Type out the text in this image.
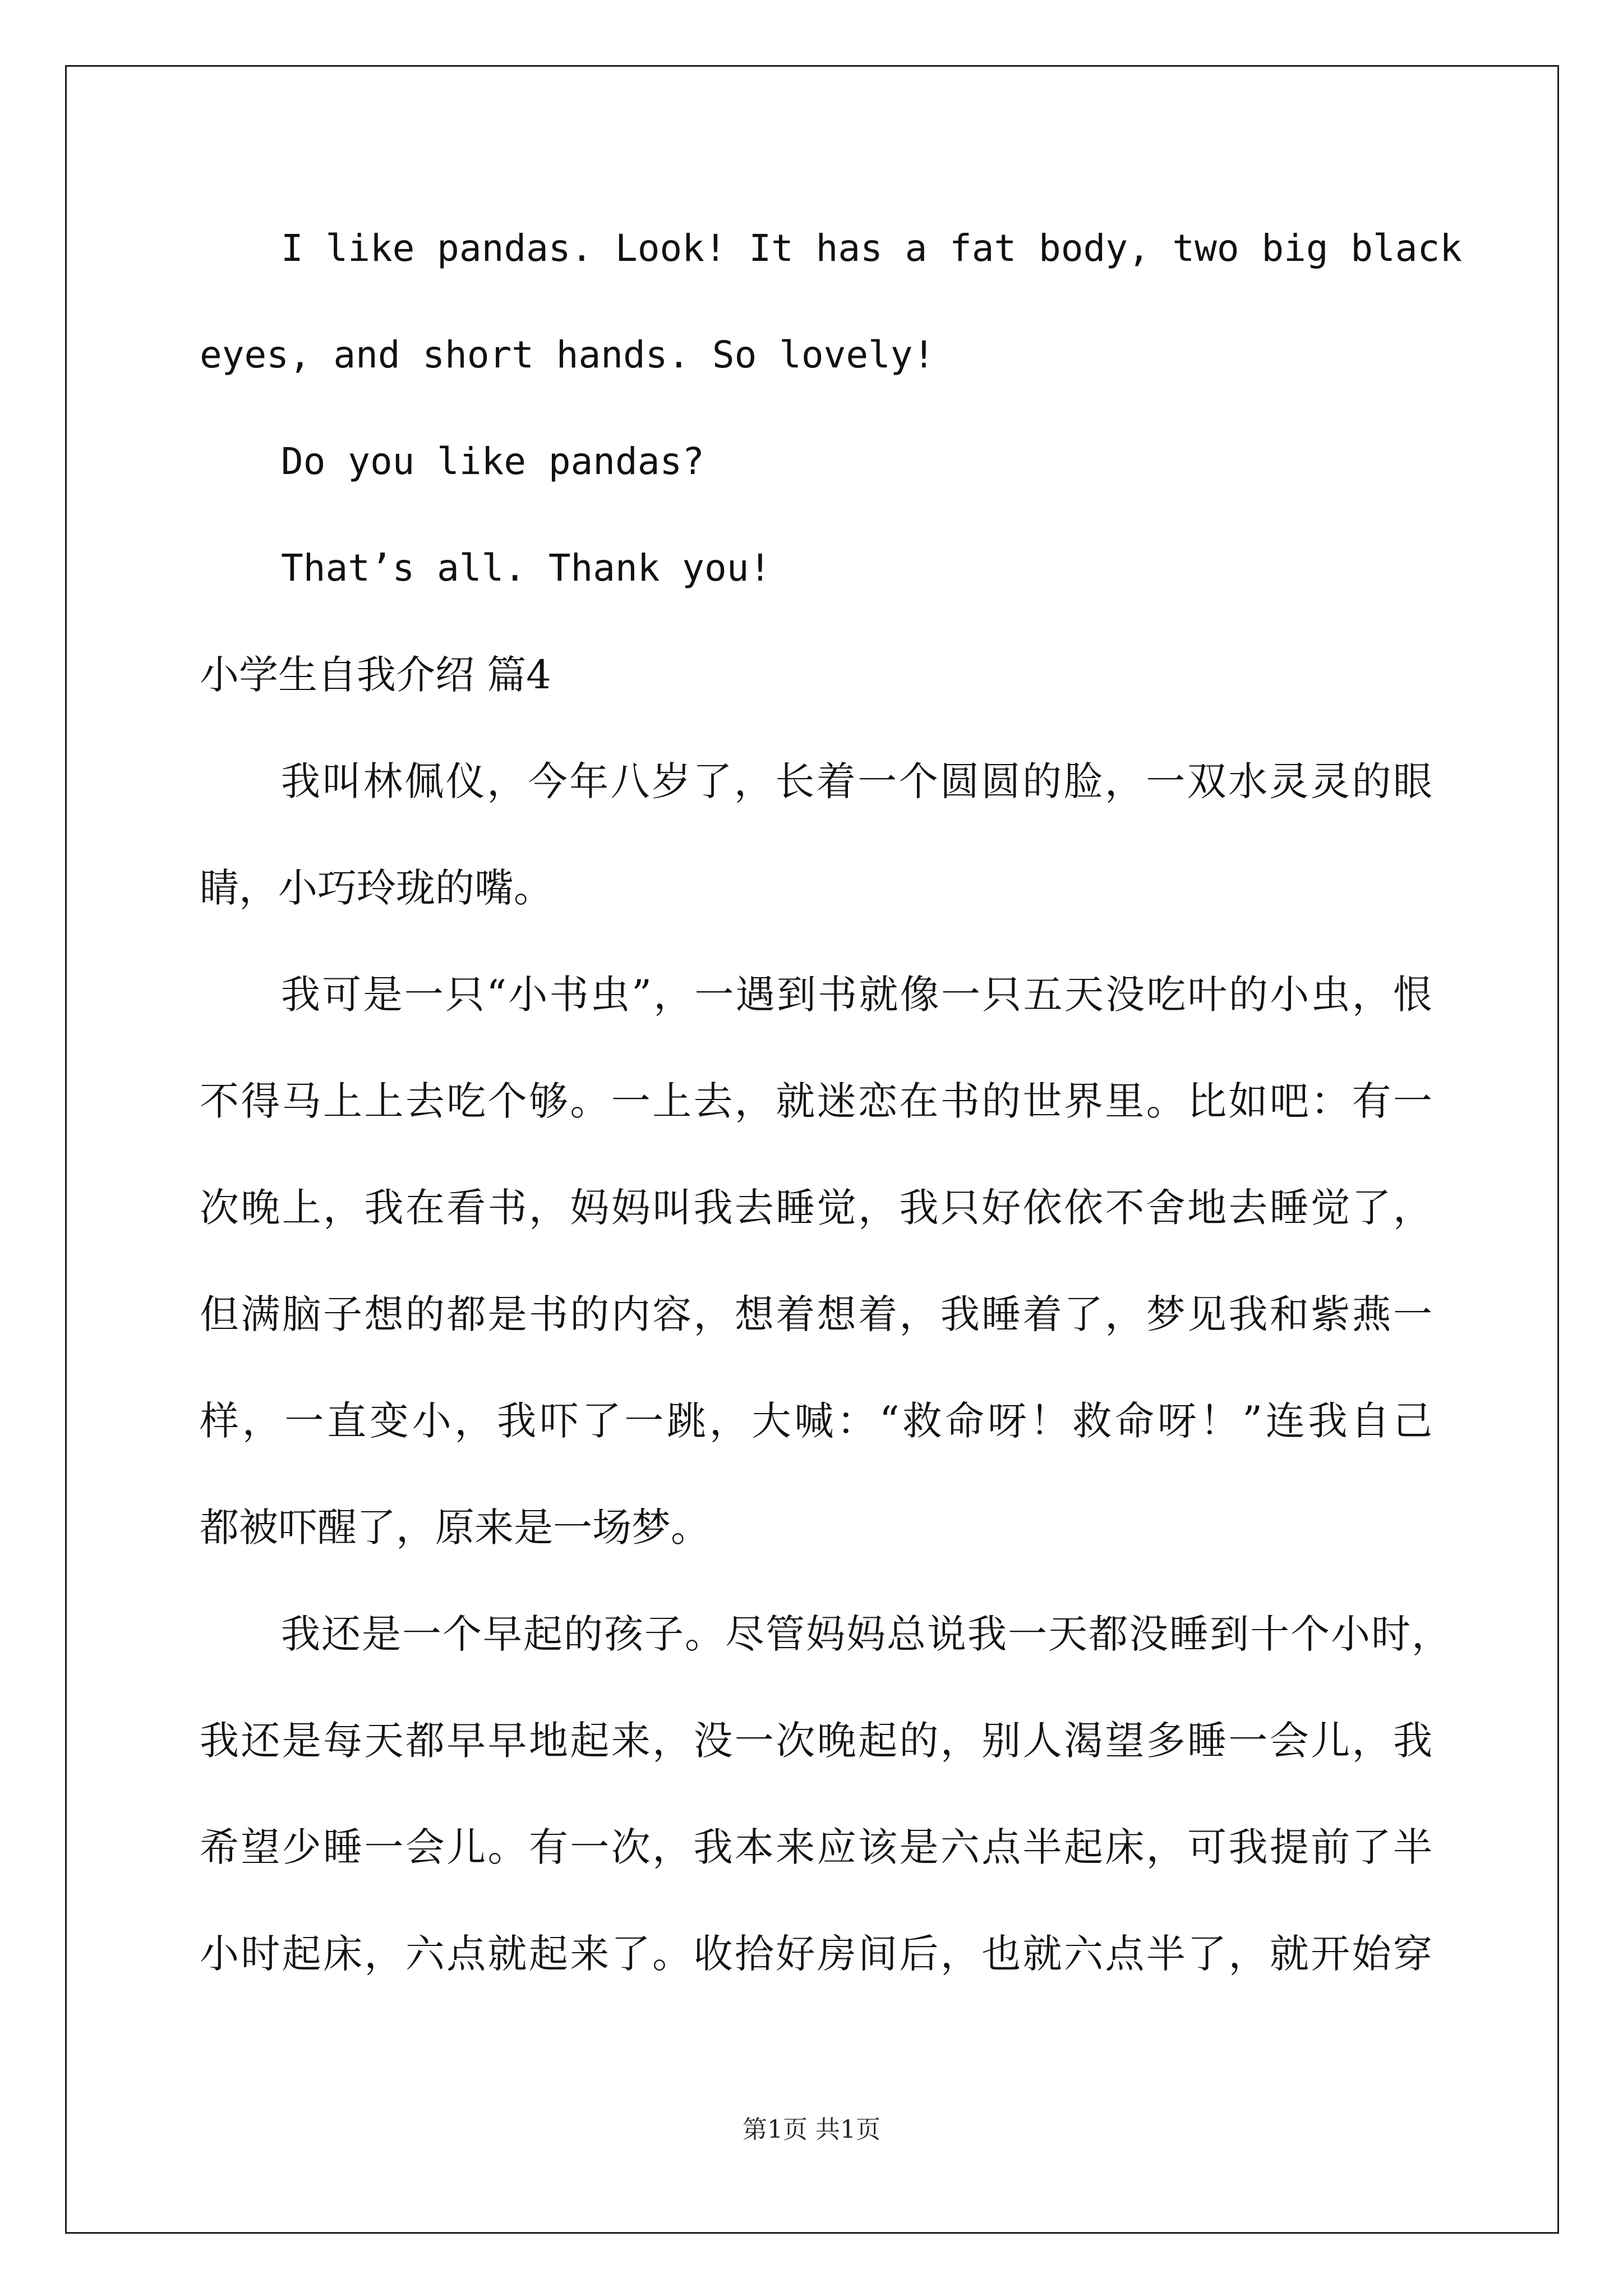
I like pandas. Look! It has a fat body, two big black
eyes, and short hands. So lovely!
Do you like pandas?
That’s all. Thank you!
小学生自我介绍 篇4
我叫林佩仪，今年八岁了，长着一个圆圆的脸，一双水灵灵的眼
睛，小巧玲珑的嘴。
我可是一只“小书虫”，一遇到书就像一只五天没吃叶的小虫，恨
不得马上上去吃个够。一上去，就迷恋在书的世界里。比如吧：有一
次晚上，我在看书，妈妈叫我去睡觉，我只好依依不舍地去睡觉了，
但满脑子想的都是书的内容，想着想着，我睡着了，梦见我和紫燕一
样，一直变小，我吓了一跳，大喊：“救命呀！救命呀！”连我自己
都被吓醒了，原来是一场梦。
我还是一个早起的孩子。尽管妈妈总说我一天都没睡到十个小时，
我还是每天都早早地起来，没一次晚起的，别人渴望多睡一会儿，我
希望少睡一会儿。有一次，我本来应该是六点半起床，可我提前了半
小时起床，六点就起来了。收拾好房间后，也就六点半了，就开始穿
第1页 共1页
